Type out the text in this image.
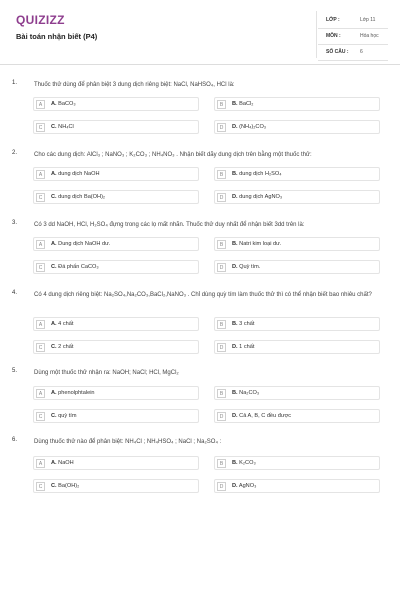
QUIZIZZ
Bài toán nhận biết (P4)
LỚP :	Lớp 11
MÔN :	Hóa học
SỐ CÂU : 6
1.	Thuốc thử dùng để phân biệt 3 dung dịch riêng biệt: NaCl, NaHSO₄, HCl là:
A	A. BaCO₃	B	B. BaCl₂
C	C. NH₄Cl	D	D. (NH₄)₂CO₃
2.	Cho các dung dịch: AlCl₃ ; NaNO₃ ; K₂CO₃ ; NH₄NO₃ . Nhận biết dãy dung dịch trên bằng một thuốc thử:
A	A. dung dịch NaOH	B	B. dung dịch H₂SO₄
C	C. dung dịch Ba(OH)₂	D	D. dung dịch AgNO₃
3.	Có 3 dd NaOH, HCl, H₂SO₄ đựng trong các lọ mất nhãn. Thuốc thử duy nhất để nhận biết 3dd trên là:
A	A. Dung dịch NaOH dư.	B	B. Natri kim loại dư.
C	C. Đá phấn CaCO₃	D	D. Quỳ tím.
4.	Có 4 dung dịch riêng biệt: Na₂SO₄,Na₂CO₃,BaCl₂,NaNO₃ . Chỉ dùng quỳ tím làm thuốc thử thì có thể nhận biết bao nhiêu chất?
A	A. 4 chất	B	B. 3 chất
C	C. 2 chất	D	D. 1 chất
5.	Dùng một thuốc thử nhận ra: NaOH; NaCl; HCl, MgCl₂
A	A. phenolphtalein	B	B. Na₂CO₃
C	C. quỳ tím	D	D. Cả A, B, C đều được
6.	Dùng thuốc thử nào để phân biệt: NH₄Cl ; NH₄HSO₄ ; NaCl ; Na₂SO₄ :
A	A. NaOH	B	B. K₂CO₃
C	C. Ba(OH)₂	D	D. AgNO₃
